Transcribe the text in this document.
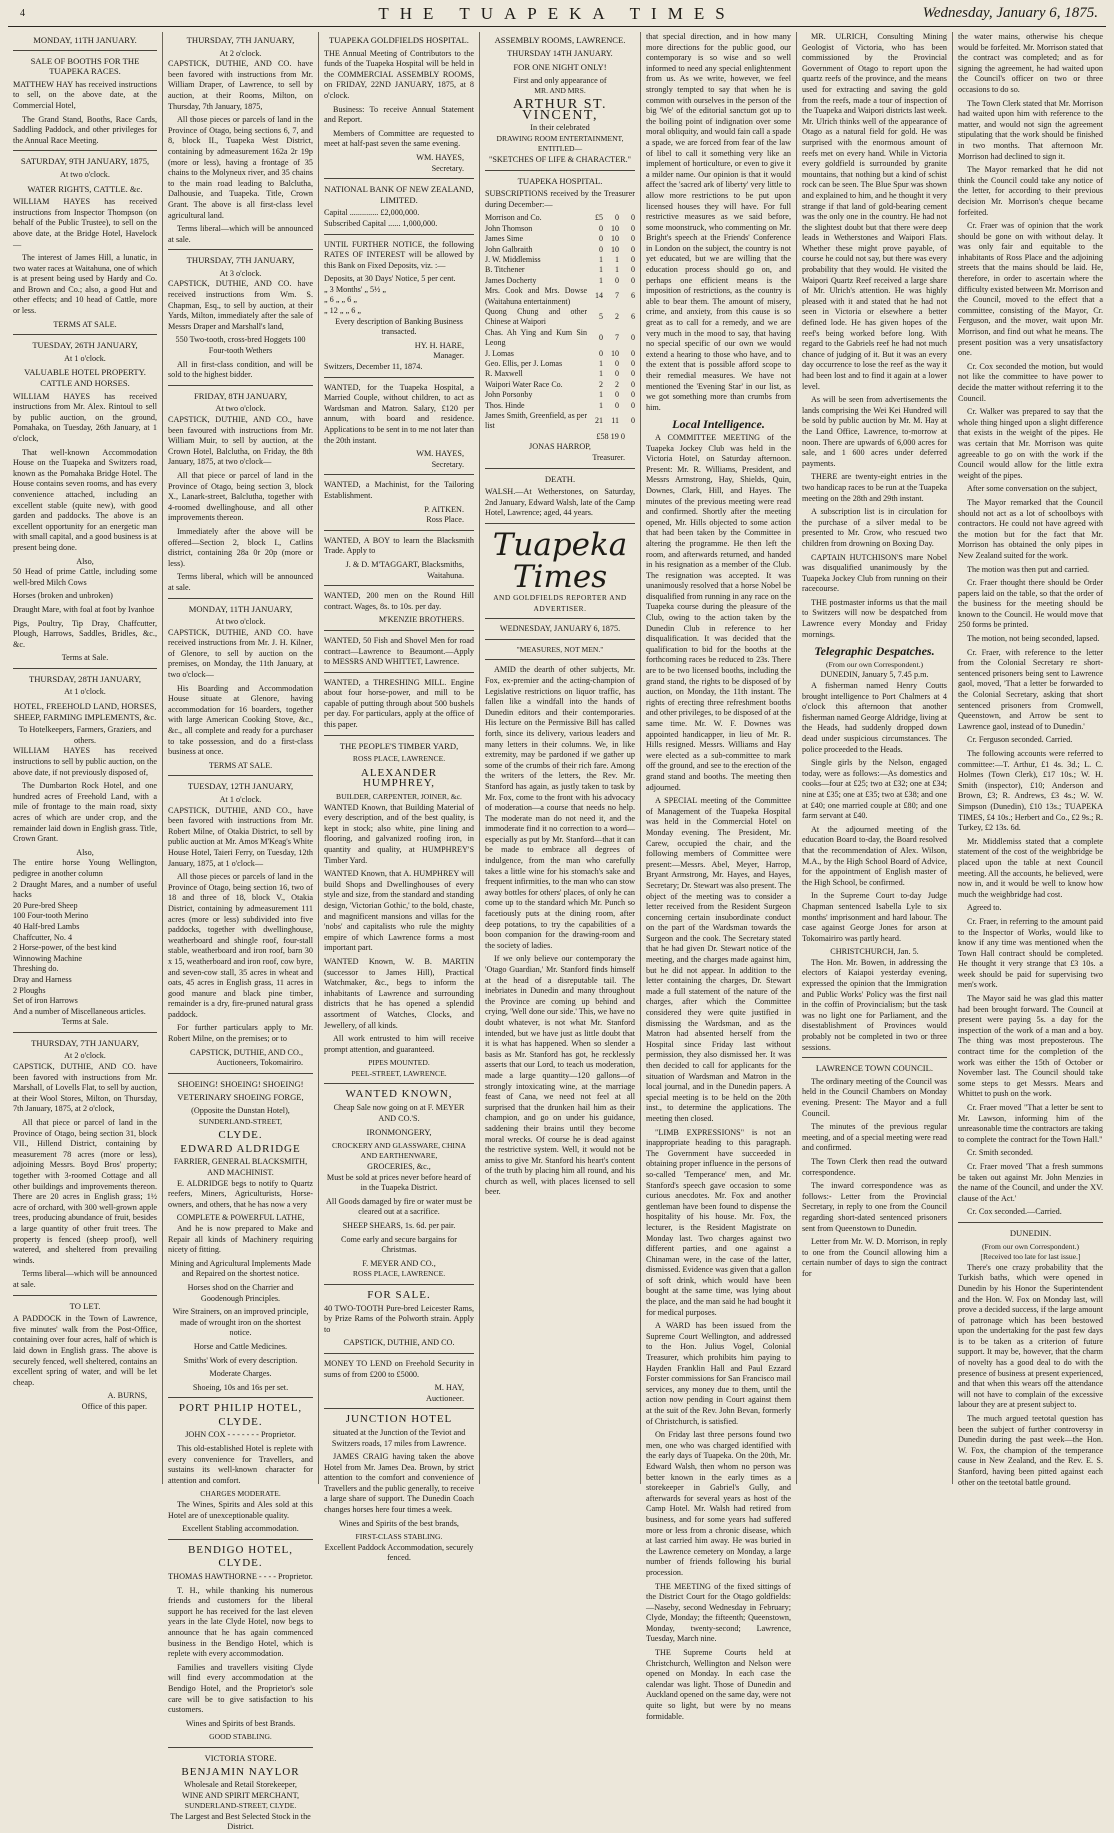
4	THE TUAPEKA TIMES	Wednesday, January 6, 1875.
MONDAY, 11TH JANUARY.
SALE OF BOOTHS FOR THE TUAPEKA RACES.

MATTHEW HAY has received instructions to sell, on the above date, at the Commercial Hotel,

The Grand Stand, Booths, Race Cards, Saddling Paddock, and other privileges for the Annual Race Meeting.

SATURDAY, 9TH JANUARY, 1875,
At two o'clock.
WATER RIGHTS, CATTLE. &c.

WILLIAM HAYES has received instructions from Inspector Thompson (on behalf of the Public Trustee), to sell on the above date, at the Bridge Hotel, Havelock—

The interest of James Hill, a lunatic, in two water races at Waitahuna, one of which is at present being used by Hardy and Co. and Brown and Co.; also, a good Hut and other effects; and 10 head of Cattle, more or less.

TERMS AT SALE.
TUESDAY, 26TH JANUARY,
At 1 o'clock.
VALUABLE HOTEL PROPERTY. CATTLE AND HORSES.

WILLIAM HAYES has received instructions from Mr. Alex. Rintoul to sell by public auction, on the ground, Pomahaka, on Tuesday, 26th January, at 1 o'clock,

That well-known Accommodation House on the Tuapeka and Switzers road, known as the Pomahaka Bridge Hotel. The House contains seven rooms, and has every convenience attached, including an excellent stable (quite new), with good garden and paddocks. The above is an excellent opportunity for an energetic man with small capital, and a good business is at present being done.

Also,

50 Head of prime Cattle, including some well-bred Milch Cows

Horses (broken and unbroken)

Draught Mare, with foal at foot by Ivanhoe

Pigs, Poultry, Tip Dray, Chaffcutter, Plough, Harrows, Saddles, Bridles, &c., &c.

Terms at Sale.
THURSDAY, 28TH JANUARY,
At 1 o'clock.
HOTEL, FREEHOLD LAND, HORSES, SHEEP, FARMING IMPLEMENTS, &c.
To Hotelkeepers, Farmers, Graziers, and others.

WILLIAM HAYES has received instructions to sell by public auction, on the above date, if not previously disposed of,

The Dumbarton Rock Hotel, and one hundred acres of Freehold Land, with a mile of frontage to the main road, sixty acres of which are under crop, and the remainder laid down in English grass. Title, Crown Grant.

Also,
The entire horse Young Wellington, pedigree in another column
2 Draught Mares, and a number of useful hacks
20 Pure-bred Sheep
100 Four-tooth Merino
40 Half-bred Lambs
Chaffcutter, No. 4
2 Horse-power, of the best kind
Winnowing Machine
Threshing do.
Dray and Harness
2 Ploughs
Set of iron Harrows
And a number of Miscellaneous articles.
Terms at Sale.
THURSDAY, 7TH JANUARY,
At 2 o'clock.

CAPSTICK, DUTHIE, AND CO. have been favored with instructions from Mr. Marshall, of Lovells Flat, to sell by auction, at their Wool Stores, Milton, on Thursday, 7th January, 1875, at 2 o'clock,

All that piece or parcel of land in the Province of Otago, being section 31, block VII., Hillend District, containing by measurement 78 acres (more or less), adjoining Messrs. Boyd Bros' property; together with 3-roomed Cottage and all other buildings and improvements thereon. There are 20 acres in English grass; 1½ acre of orchard, with 300 well-grown apple trees, producing abundance of fruit, besides a large quantity of other fruit trees. The property is fenced (sheep proof), well watered, and sheltered from prevailing winds.

Terms liberal—which will be announced at sale.

TO LET.

A PADDOCK in the Town of Lawrence, five minutes' walk from the Post-Office, containing over four acres, half of which is laid down in English grass. The above is securely fenced, well sheltered, contains an excellent spring of water, and will be let cheap.

A. BURNS,
Office of this paper.
THURSDAY, 7TH JANUARY,
At 2 o'clock.

CAPSTICK, DUTHIE, AND CO. have been favored with instructions from Mr. William Draper, of Lawrence, to sell by auction, at their Rooms, Milton, on Thursday, 7th January, 1875,

All those pieces or parcels of land in the Province of Otago, being sections 6, 7, and 8, block II., Tuapeka West District, containing by admeasurement 162a 2r 19p (more or less), having a frontage of 35 chains to the Molyneux river, and 35 chains to the main road leading to Balclutha, Dalhousie, and Tuapeka. Title, Crown Grant. The above is all first-class level agricultural land.

Terms liberal—which will be announced at sale.

THURSDAY, 7TH JANUARY,
At 3 o'clock.

CAPSTICK, DUTHIE, AND CO. have received instructions from Wm. S. Chapman, Esq., to sell by auction, at their Yards, Milton, immediately after the sale of Messrs Draper and Marshall's land,

550 Two-tooth, cross-bred Hoggets 100 Four-tooth Wethers

All in first-class condition, and will be sold to the highest bidder.

FRIDAY, 8TH JANUARY,
At two o'clock.

CAPSTICK, DUTHIE, AND CO., have been favoured with instructions from Mr. William Muir, to sell by auction, at the Crown Hotel, Balclutha, on Friday, the 8th January, 1875, at two o'clock—

All that piece or parcel of land in the Province of Otago, being section 3, block X., Lanark-street, Balclutha, together with 4-roomed dwellinghouse, and all other improvements thereon.

Immediately after the above will be offered—Section 2, block I., Catlins district, containing 28a 0r 20p (more or less).

Terms liberal, which will be announced at sale.

MONDAY, 11TH JANUARY,
At two o'clock.

CAPSTICK, DUTHIE, AND CO. have received instructions from Mr. J. H. Kilner, of Glenore, to sell by auction on the premises, on Monday, the 11th January, at two o'clock—

His Boarding and Accommodation House situate at Glenore, having accommodation for 16 boarders, together with large American Cooking Stove, &c., &c., all complete and ready for a purchaser to take possession, and do a first-class business at once.

TERMS AT SALE.
TUESDAY, 12TH JANUARY,
At 1 o'clock.

CAPSTICK, DUTHIE, AND CO., have been favored with instructions from Mr. Robert Milne, of Otakia District, to sell by public auction at Mr. Amos M'Keag's White House Hotel, Taieri Ferry, on Tuesday, 12th January, 1875, at 1 o'clock—

All those pieces or parcels of land in the Province of Otago, being section 16, two of 18 and three of 18, block V., Otakia District, containing by admeasurement 111 acres (more or less) subdivided into five paddocks, together with dwellinghouse, weatherboard and shingle roof, four-stall stable, weatherboard and iron roof, barn 30 x 15, weatherboard and iron roof, cow byre, and seven-cow stall, 35 acres in wheat and oats, 45 acres in English grass, 11 acres in good manure and black pine timber, remainder is a dry, fire-pruned natural grass paddock.

For further particulars apply to Mr. Robert Milne, on the premises; or to

CAPSTICK, DUTHIE, AND CO., Auctioneers, Tokomairiro.
SHOEING! SHOEING! SHOEING!
VETERINARY SHOEING FORGE,
(Opposite the Dunstan Hotel),
SUNDERLAND-STREET,
CLYDE.
EDWARD ALDRIDGE
FARRIER, GENERAL BLACKSMITH, AND MACHINIST.

E. ALDRIDGE begs to notify to Quartz reefers, Miners, Agriculturists, Horse-owners, and others, that he has now a very

COMPLETE & POWERFUL LATHE,

And he is now prepared to Make and Repair all kinds of Machinery requiring nicety of fitting.

Mining and Agricultural Implements Made and Repaired on the shortest notice.

Horses shod on the Charrier and Goodenough Principles.

Wire Strainers, on an improved principle, made of wrought iron on the shortest notice.

Horse and Cattle Medicines.

Smiths' Work of every description.

Moderate Charges.

Shoeing, 10s and 16s per set.

PORT PHILIP HOTEL,
CLYDE.

JOHN COX - - - - - - - Proprietor.

This old-established Hotel is replete with every convenience for Travellers, and sustains its well-known character for attention and comfort.

CHARGES MODERATE.

The Wines, Spirits and Ales sold at this Hotel are of unexceptionable quality.

Excellent Stabling accommodation.

BENDIGO HOTEL,
CLYDE.

THOMAS HAWTHORNE - - - - Proprietor.

T. H., while thanking his numerous friends and customers for the liberal support he has received for the last eleven years in the late Clyde Hotel, now begs to announce that he has again commenced business in the Bendigo Hotel, which is replete with every accommodation.

Families and travellers visiting Clyde will find every accommodation at the Bendigo Hotel, and the Proprietor's sole care will be to give satisfaction to his customers.

Wines and Spirits of best Brands.

GOOD STABLING.
VICTORIA STORE.
BENJAMIN NAYLOR
Wholesale and Retail Storekeeper,
WINE AND SPIRIT MERCHANT,
SUNDERLAND-STREET, CLYDE.

The Largest and Best Selected Stock in the District.

TUAPEKA GOLDFIELDS HOSPITAL.

THE Annual Meeting of Contributors to the funds of the Tuapeka Hospital will be held in the COMMERCIAL ASSEMBLY ROOMS, on FRIDAY, 22ND JANUARY, 1875, at 8 o'clock.

Business: To receive Annual Statement and Report.

Members of Committee are requested to meet at half-past seven the same evening.

WM. HAYES,
Secretary.
NATIONAL BANK OF NEW ZEALAND, LIMITED.
Capital .............. £2,000,000.
Subscribed Capital ...... 1,000,000.

UNTIL FURTHER NOTICE, the following RATES OF INTEREST will be allowed by this Bank on Fixed Deposits, viz. :—

Deposits, at 30 Days' Notice, 5 per cent.
„ 3 Months' „ 5½ „
„ 6 „ „ 6 „
„ 12 „ „ 6 „

Every description of Banking Business transacted.

HY. H. HARE,
Manager.
Switzers, December 11, 1874.

WANTED, for the Tuapeka Hospital, a Married Couple, without children, to act as Wardsman and Matron. Salary, £120 per annum, with board and residence. Applications to be sent in to me not later than the 20th instant.

WM. HAYES,
Secretary.

WANTED, a Machinist, for the Tailoring Establishment.

P. AITKEN.
Ross Place.

WANTED, A BOY to learn the Blacksmith Trade. Apply to

J. & D. M'TAGGART, Blacksmiths, Waitahuna.

WANTED, 200 men on the Round Hill contract. Wages, 8s. to 10s. per day.

M'KENZIE BROTHERS.

WANTED, 50 Fish and Shovel Men for road contract—Lawrence to Beaumont.—Apply to MESSRS AND WHITTET, Lawrence.

WANTED, a THRESHING MILL. Engine about four horse-power, and mill to be capable of putting through about 500 bushels per day. For particulars, apply at the office of this paper.

THE PEOPLE'S TIMBER YARD,
ROSS PLACE, LAWRENCE.
ALEXANDER HUMPHREY,
BUILDER, CARPENTER, JOINER, &c.

WANTED Known, that Building Material of every description, and of the best quality, is kept in stock; also white, pine lining and flooring, and galvanized roofing iron, in quantity and quality, at HUMPHREY'S Timber Yard.

WANTED Known, that A. HUMPHREY will build Shops and Dwellinghouses of every style and size, from the standard and standing design, 'Victorian Gothic,' to the bold, chaste, and magnificent mansions and villas for the 'nobs' and capitalists who rule the mighty empire of which Lawrence forms a most important part.

WANTED Known, W. B. MARTIN (successor to James Hill), Practical Watchmaker, &c., begs to inform the inhabitants of Lawrence and surrounding districts that he has opened a splendid assortment of Watches, Clocks, and Jewellery, of all kinds.

All work entrusted to him will receive prompt attention, and guaranteed.

PIPES MOUNTED.
PEEL-STREET, LAWRENCE.
WANTED KNOWN,

Cheap Sale now going on at F. MEYER AND CO.'S.

IRONMONGERY,
CROCKERY AND GLASSWARE, CHINA AND EARTHENWARE,
GROCERIES, &c.,

Must be sold at prices never before heard of in the Tuapeka District.

All Goods damaged by fire or water must be cleared out at a sacrifice.

SHEEP SHEARS, 1s. 6d. per pair.

Come early and secure bargains for Christmas.

F. MEYER AND CO.,
ROSS PLACE, LAWRENCE.
FOR SALE.

40 TWO-TOOTH Pure-bred Leicester Rams, by Prize Rams of the Polworth strain. Apply to

CAPSTICK, DUTHIE, AND CO.

MONEY TO LEND on Freehold Security in sums of from £200 to £5000.

M. HAY,
Auctioneer.
JUNCTION HOTEL

situated at the Junction of the Teviot and Switzers roads, 17 miles from Lawrence.

JAMES CRAIG having taken the above Hotel from Mr. James Dea. Brown, by strict attention to the comfort and convenience of Travellers and the public generally, to receive a large share of support. The Dunedin Coach changes horses here four times a week.

Wines and Spirits of the best brands,

FIRST-CLASS STABLING.

Excellent Paddock Accommodation, securely fenced.

ASSEMBLY ROOMS, LAWRENCE.
THURSDAY 14TH JANUARY.
FOR ONE NIGHT ONLY!
First and only appearance of
MR. AND MRS.
ARTHUR ST. VINCENT,
In their celebrated
DRAWING ROOM ENTERTAINMENT,
ENTITLED—
"SKETCHES OF LIFE & CHARACTER."
TUAPEKA HOSPITAL.

SUBSCRIPTIONS received by the Treasurer during December:—

Morrison and Co.	£5	0	0
John Thomson	0	10	0
James Sime	0	10	0
John Galbraith	0	10	0
J. W. Middlemiss	1	1	0
B. Titchener	1	1	0
James Docherty	1	0	0
Mrs. Cook and Mrs. Dowse (Waitahuna entertainment)	14	7	6
Quong Chung and other Chinese at Waipori	5	2	6
Chas. Ah Ying and Kum Sin Leong	0	7	0
J. Lomas	0	10	0
Geo. Ellis, per J. Lomas	1	0	0
R. Maxwell	1	0	0
Waipori Water Race Co.	2	2	0
John Porsonby	1	0	0
Thos. Hinde	1	0	0
James Smith, Greenfield, as per list	21	11	0
£58 19 0
JONAS HARROP,
Treasurer.
DEATH.

WALSH.—At Wetherstones, on Saturday, 2nd January, Edward Walsh, late of the Camp Hotel, Lawrence; aged, 44 years.

Tuapeka Times
AND GOLDFIELDS REPORTER AND ADVERTISER.
WEDNESDAY, JANUARY 6, 1875.
"MEASURES, NOT MEN."

AMID the dearth of other subjects, Mr. Fox, ex-premier and the acting-champion of Legislative restrictions on liquor traffic, has fallen like a windfall into the hands of Dunedin editors and their contemporaries. His lecture on the Permissive Bill has called forth, since its delivery, various leaders and many letters in their columns. We, in like extremity, may be pardoned if we gather up some of the crumbs of their rich fare. Among the writers of the letters, the Rev. Mr. Stanford has again, as justly taken to task by Mr. Fox, come to the front with his advocacy of moderation—a course that needs no help. The moderate man do not need it, and the immoderate find it no correction to a word—especially as put by Mr. Stanford—that it can be made to embrace all degrees of indulgence, from the man who carefully takes a little wine for his stomach's sake and frequent infirmities, to the man who can stow away bottles for others' places, of only he can come up to the standard which Mr. Punch so facetiously puts at the dining room, after deep potations, to try the capabilities of a boon companion for the drawing-room and the society of ladies.

If we only believe our contemporary the 'Otago Guardian,' Mr. Stanford finds himself at the head of a disreputable tail. The inebriates in Dunedin and many throughout the Province are coming up behind and crying, 'Well done our side.' This, we have no doubt whatever, is not what Mr. Stanford intended, but we have just as little doubt that it is what has happened. When so slender a basis as Mr. Stanford has got, he recklessly asserts that our Lord, to teach us moderation, made a large quantity—120 gallons—of strongly intoxicating wine, at the marriage feast of Cana, we need not feel at all surprised that the drunken hail him as their champion, and go on under his guidance, saddening their brains until they become moral wrecks. Of course he is dead against the restrictive system. Well, it would not be amiss to give Mr. Stanford his heart's content of the truth by placing him all round, and his church as well, with places licensed to sell beer.

that special direction, and in how many more directions for the public good, our contemporary is so wise and so well informed to need any special enlightenment from us. As we write, however, we feel strongly tempted to say that when he is common with ourselves in the person of the big 'We' of the editorial sanctum got up to the boiling point of indignation over some moral obliquity, and would fain call a spade a spade, we are forced from fear of the law of libel to call it something very like an implement of horticulture, or even to give it a milder name. Our opinion is that it would affect the 'sacred ark of liberty' very little to allow more restrictions to be put upon licensed houses they will have. For full restrictive measures as we said before, some moonstruck, who commenting on Mr. Bright's speech at the Friends' Conference in London on the subject, the country is not yet educated, but we are willing that the education process should go on, and perhaps one efficient means is the imposition of restrictions, as the country is able to bear them. The amount of misery, crime, and anxiety, from this cause is so great as to call for a remedy, and we are very much in the mood to say, that having no special specific of our own we would extend a hearing to those who have, and to the extent that is possible afford scope to their remedial measures. We have not mentioned the 'Evening Star' in our list, as we got something more than crumbs from him.

Local Intelligence.

A COMMITTEE MEETING of the Tuapeka Jockey Club was held in the Victoria Hotel, on Saturday afternoon. Present: Mr. R. Williams, President, and Messrs Armstrong, Hay, Shields, Quin, Downes, Clark, Hill, and Hayes. The minutes of the previous meeting were read and confirmed. Shortly after the meeting opened, Mr. Hills objected to some action that had been taken by the Committee in altering the programme. He then left the room, and afterwards returned, and handed in his resignation as a member of the Club. The resignation was accepted. It was unanimously resolved that a horse Nobel be disqualified from running in any race on the Tuapeka course during the pleasure of the Club, owing to the action taken by the Dunedin Club in reference to her disqualification. It was decided that the qualification to bid for the booths at the forthcoming races be reduced to 23s. There are to be two licensed booths, including the grand stand, the rights to be disposed of by auction, on Monday, the 11th instant. The rights of erecting three refreshment booths and other privileges, to be disposed of at the same time. Mr. W. F. Downes was appointed handicapper, in lieu of Mr. R. Hills resigned. Messrs. Williams and Hay were elected as a sub-committee to mark off the ground, and see to the erection of the grand stand and booths. The meeting then adjourned.

A SPECIAL meeting of the Committee of Management of the Tuapeka Hospital was held in the Commercial Hotel on Monday evening. The President, Mr. Carew, occupied the chair, and the following members of Committee were present:—Messrs. Abel, Meyer, Harrop, Bryant Armstrong, Mr. Hayes, and Hayes, Secretary; Dr. Stewart was also present. The object of the meeting was to consider a letter received from the Resident Surgeon concerning certain insubordinate conduct on the part of the Wardsman towards the Surgeon and the cook. The Secretary stated that he had given Dr. Stewart notice of the meeting, and the charges made against him, but he did not appear. In addition to the letter containing the charges, Dr. Stewart made a full statement of the nature of the charges, after which the Committee considered they were quite justified in dismissing the Wardsman, and as the Matron had absented herself from the Hospital since Friday last without permission, they also dismissed her. It was then decided to call for applicants for the situation of Wardsman and Matron in the local journal, and in the Dunedin papers. A special meeting is to be held on the 20th inst., to determine the applications. The meeting then closed.

"LIMB EXPRESSIONS" is not an inappropriate heading to this paragraph. The Government have succeeded in obtaining proper influence in the persons of so-called 'Temperance' men, and Mr. Stanford's speech gave occasion to some curious anecdotes. Mr. Fox and another gentleman have been found to dispense the hospitality of his house. Mr. Fox, the lecturer, is the Resident Magistrate on Monday last. Two charges against two different parties, and one against a Chinaman were, in the case of the latter, dismissed. Evidence was given that a gallon of soft drink, which would have been bought at the same time, was lying about the place, and the man said he had bought it for medical purposes.

A WARD has been issued from the Supreme Court Wellington, and addressed to the Hon. Julius Vogel, Colonial Treasurer, which prohibits him paying to Hayden Franklin Hall and Paul Ezzard Forster commissions for San Francisco mail services, any money due to them, until the action now pending in Court against them at the suit of the Rev. John Bevan, formerly of Christchurch, is satisfied.

On Friday last three persons found two men, one who was charged identified with the early days of Tuapeka. On the 20th, Mr. Edward Walsh, then whom no person was better known in the early times as a storekeeper in Gabriel's Gully, and afterwards for several years as host of the Camp Hotel. Mr. Walsh had retired from business, and for some years had suffered more or less from a chronic disease, which at last carried him away. He was buried in the Lawrence cemetery on Monday, a large number of friends following his burial procession.

THE MEETING of the fixed sittings of the District Court for the Otago goldfields:—Naseby, second Wednesday in February; Clyde, Monday; the fifteenth; Queenstown, Monday, twenty-second; Lawrence, Tuesday, March nine.

THE Supreme Courts held at Christchurch, Wellington and Nelson were opened on Monday. In each case the calendar was light. Those of Dunedin and Auckland opened on the same day, were not quite so light, but were by no means formidable.

MR. ULRICH, Consulting Mining Geologist of Victoria, who has been commissioned by the Provincial Government of Otago to report upon the quartz reefs of the province, and the means used for extracting and saving the gold from the reefs, made a tour of inspection of the Tuapeka and Waipori districts last week. Mr. Ulrich thinks well of the appearance of Otago as a natural field for gold. He was surprised with the enormous amount of reefs met on every hand. While in Victoria every goldfield is surrounded by granite mountains, that nothing but a kind of schist rock can be seen. The Blue Spur was shown and explained to him, and he thought it very strange if that land of gold-bearing cement was the only one in the country. He had not the slightest doubt but that there were deep leads in Wetherstones and Waipori Flats. Whether these might prove payable, of course he could not say, but there was every probability that they would. He visited the Waipori Quartz Reef received a large share of Mr. Ulrich's attention. He was highly pleased with it and stated that he had not seen in Victoria or elsewhere a better defined lode. He has given hopes of the reef's being worked before long. With regard to the Gabriels reef he had not much chance of judging of it. But it was an every day occurrence to lose the reef as the way it had been lost and to find it again at a lower level.

As will be seen from advertisements the lands comprising the Wei Kei Hundred will be sold by public auction by Mr. M. Hay at the Land Office, Lawrence, to-morrow at noon. There are upwards of 6,000 acres for sale, and 1 600 acres under deferred payments.

THERE are twenty-eight entries in the two handicap races to be run at the Tuapeka meeting on the 28th and 29th instant.

A subscription list is in circulation for the purchase of a silver medal to be presented to Mr. Crow, who rescued two children from drowning on Boxing Day.

CAPTAIN HUTCHISON'S mare Nobel was disqualified unanimously by the Tuapeka Jockey Club from running on their racecourse.

THE postmaster informs us that the mail to Switzers will now be despatched from Lawrence every Monday and Friday mornings.

Telegraphic Despatches.
(From our own Correspondent.)
DUNEDIN, January 5, 7.45 p.m.

A fisherman named Henry Coutts brought intelligence to Port Chalmers at 4 o'clock this afternoon that another fisherman named George Aldridge, living at the Heads, had suddenly dropped down dead under suspicious circumstances. The police proceeded to the Heads.

Single girls by the Nelson, engaged today, were as follows:—As domestics and cooks—four at £25; two at £32; one at £34; nine at £35; one at £35; two at £38; and one at £40; one married couple at £80; and one farm servant at £40.

At the adjourned meeting of the education Board to-day, the Board resolved that the recommendation of Alex. Wilson, M.A., by the High School Board of Advice, for the appointment of English master of the High School, be confirmed.

In the Supreme Court to-day Judge Chapman sentenced Isabella Lyle to six months' imprisonment and hard labour. The case against George Jones for arson at Tokomairiro was partly heard.

CHRISTCHURCH, Jan. 5.

The Hon. Mr. Bowen, in addressing the electors of Kaiapoi yesterday evening, expressed the opinion that the Immigration and Public Works' Policy was the first nail in the coffin of Provincialism; but the task was no light one for Parliament, and the disestablishment of Provinces would probably not be completed in two or three sessions.

LAWRENCE TOWN COUNCIL.

The ordinary meeting of the Council was held in the Council Chambers on Monday evening. Present: The Mayor and a full Council.

The minutes of the previous regular meeting, and of a special meeting were read and confirmed.

The Town Clerk then read the outward correspondence.

The inward correspondence was as follows:- Letter from the Provincial Secretary, in reply to one from the Council regarding short-dated sentenced prisoners sent from Queenstown to Dunedin.

Letter from Mr. W. D. Morrison, in reply to one from the Council allowing him a certain number of days to sign the contract for

the water mains, otherwise his cheque would be forfeited. Mr. Morrison stated that the contract was completed; and as for signing the agreement, he had waited upon the Council's officer on two or three occasions to do so.

The Town Clerk stated that Mr. Morrison had waited upon him with reference to the matter, and would not sign the agreement stipulating that the work should be finished in two months. That afternoon Mr. Morrison had declined to sign it.

The Mayor remarked that he did not think the Council could take any notice of the letter, for according to their previous decision Mr. Morrison's cheque became forfeited.

Cr. Fraer was of opinion that the work should be gone on with without delay. It was only fair and equitable to the inhabitants of Ross Place and the adjoining streets that the mains should be laid. He, therefore, in order to ascertain where the difficulty existed between Mr. Morrison and the Council, moved to the effect that a committee, consisting of the Mayor, Cr. Ferguson, and the mover, wait upon Mr. Morrison, and find out what he means. The present position was a very unsatisfactory one.

Cr. Cox seconded the motion, but would not like the committee to have power to decide the matter without referring it to the Council.

Cr. Walker was prepared to say that the whole thing hinged upon a slight difference that exists in the weight of the pipes. He was certain that Mr. Morrison was quite agreeable to go on with the work if the Council would allow for the little extra weight of the pipes.

After some conversation on the subject,

The Mayor remarked that the Council should not act as a lot of schoolboys with contractors. He could not have agreed with the motion but for the fact that Mr. Morrison has obtained the only pipes in New Zealand suited for the work.

The motion was then put and carried.

Cr. Fraer thought there should be Order papers laid on the table, so that the order of the business for the meeting should be known to the Council. He would move that 250 forms be printed.

The motion, not being seconded, lapsed.

Cr. Fraer, with reference to the letter from the Colonial Secretary re short-sentenced prisoners being sent to Lawrence gaol, moved, 'That a letter be forwarded to the Colonial Secretary, asking that short sentenced prisoners from Cromwell, Queenstown, and Arrow be sent to Lawrence gaol, instead of to Dunedin.'

Cr. Ferguson seconded. Carried.

The following accounts were referred to committee:—T. Arthur, £1 4s. 3d.; L. C. Holmes (Town Clerk), £17 10s.; W. H. Smith (inspector), £10; Anderson and Brown, £3; R. Andrews, £3 4s.; W. W. Simpson (Dunedin), £10 13s.; TUAPEKA TIMES, £4 10s.; Herbert and Co., £2 9s.; R. Turkey, £2 13s. 6d.

Mr. Middlemiss stated that a complete statement of the cost of the weighbridge be placed upon the table at next Council meeting. All the accounts, he believed, were now in, and it would be well to know how much the weighbridge had cost.

Agreed to.

Cr. Fraer, in referring to the amount paid to the Inspector of Works, would like to know if any time was mentioned when the Town Hall contract should be completed. He thought it very strange that £3 10s. a week should be paid for supervising two men's work.

The Mayor said he was glad this matter had been brought forward. The Council at present were paying 5s. a day for the inspection of the work of a man and a boy. The thing was most preposterous. The contract time for the completion of the work was either the 15th of October or November last. The Council should take some steps to get Messrs. Mears and Whittet to push on the work.

Cr. Fraer moved "That a letter be sent to Mr. Lawson, informing him of the unreasonable time the contractors are taking to complete the contract for the Town Hall."

Cr. Smith seconded.

Cr. Fraer moved 'That a fresh summons be taken out against Mr. John Menzies in the name of the Council, and under the XV. clause of the Act.'

Cr. Cox seconded.—Carried.

DUNEDIN.
(From our own Correspondent.)
[Received too late for last issue.]

There's one crazy probability that the Turkish baths, which were opened in Dunedin by his Honor the Superintendent and the Hon. W. Fox on Monday last, will prove a decided success, if the large amount of patronage which has been bestowed upon the undertaking for the past few days is to be taken as a criterion of future support. It may be, however, that the charm of novelty has a good deal to do with the presence of business at present experienced, and that when this wears off the attendance will not have to complain of the excessive labour they are at present subject to.

The much argued teetotal question has been the subject of further controversy in Dunedin during the past week—the Hon. W. Fox, the champion of the temperance cause in New Zealand, and the Rev. E. S. Stanford, having been pitted against each other on the teetotal battle ground.
